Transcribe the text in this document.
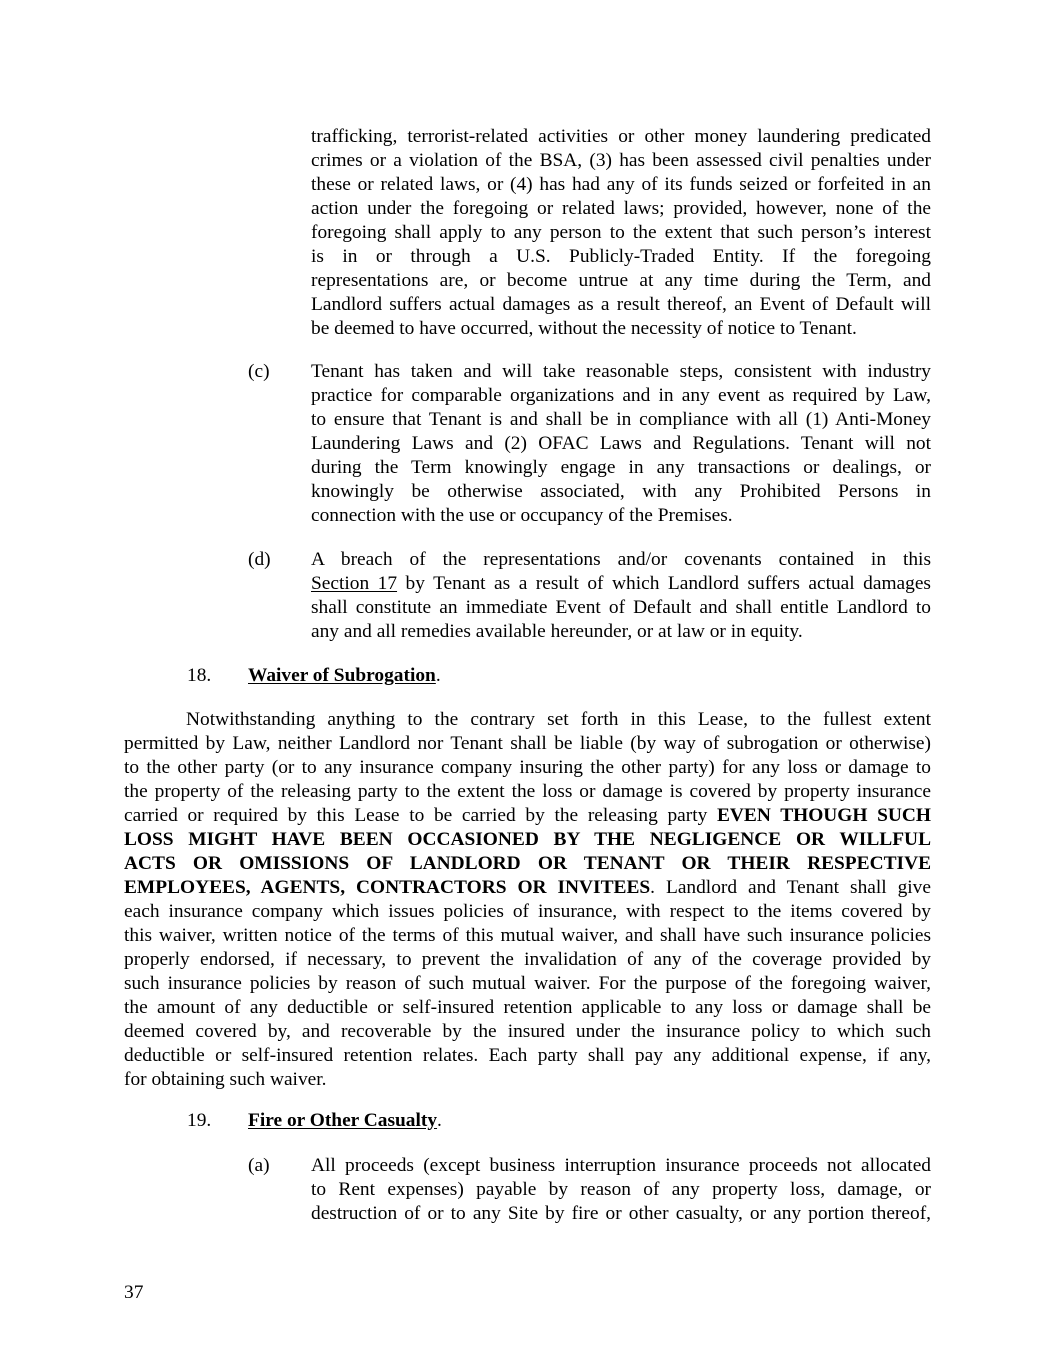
trafficking, terrorist-related activities or other money laundering predicated
crimes or a violation of the BSA, (3) has been assessed civil penalties under
these or related laws, or (4) has had any of its funds seized or forfeited in an
action under the foregoing or related laws; provided, however, none of the
foregoing shall apply to any person to the extent that such person’s interest
is in or through a U.S. Publicly-Traded Entity. If the foregoing
representations are, or become untrue at any time during the Term, and
Landlord suffers actual damages as a result thereof, an Event of Default will
be deemed to have occurred, without the necessity of notice to Tenant.
(c) Tenant has taken and will take reasonable steps, consistent with industry
practice for comparable organizations and in any event as required by Law,
to ensure that Tenant is and shall be in compliance with all (1) Anti-Money
Laundering Laws and (2) OFAC Laws and Regulations. Tenant will not
during the Term knowingly engage in any transactions or dealings, or
knowingly be otherwise associated, with any Prohibited Persons in
connection with the use or occupancy of the Premises.
(d) A breach of the representations and/or covenants contained in this
Section 17 by Tenant as a result of which Landlord suffers actual damages
shall constitute an immediate Event of Default and shall entitle Landlord to
any and all remedies available hereunder, or at law or in equity.
18. Waiver of Subrogation.
Notwithstanding anything to the contrary set forth in this Lease, to the fullest extent
permitted by Law, neither Landlord nor Tenant shall be liable (by way of subrogation or otherwise)
to the other party (or to any insurance company insuring the other party) for any loss or damage to
the property of the releasing party to the extent the loss or damage is covered by property insurance
carried or required by this Lease to be carried by the releasing party EVEN THOUGH SUCH
LOSS MIGHT HAVE BEEN OCCASIONED BY THE NEGLIGENCE OR WILLFUL
ACTS OR OMISSIONS OF LANDLORD OR TENANT OR THEIR RESPECTIVE
EMPLOYEES, AGENTS, CONTRACTORS OR INVITEES. Landlord and Tenant shall give
each insurance company which issues policies of insurance, with respect to the items covered by
this waiver, written notice of the terms of this mutual waiver, and shall have such insurance policies
properly endorsed, if necessary, to prevent the invalidation of any of the coverage provided by
such insurance policies by reason of such mutual waiver. For the purpose of the foregoing waiver,
the amount of any deductible or self-insured retention applicable to any loss or damage shall be
deemed covered by, and recoverable by the insured under the insurance policy to which such
deductible or self-insured retention relates. Each party shall pay any additional expense, if any,
for obtaining such waiver.
19. Fire or Other Casualty.
(a) All proceeds (except business interruption insurance proceeds not allocated
to Rent expenses) payable by reason of any property loss, damage, or
destruction of or to any Site by fire or other casualty, or any portion thereof,
37
